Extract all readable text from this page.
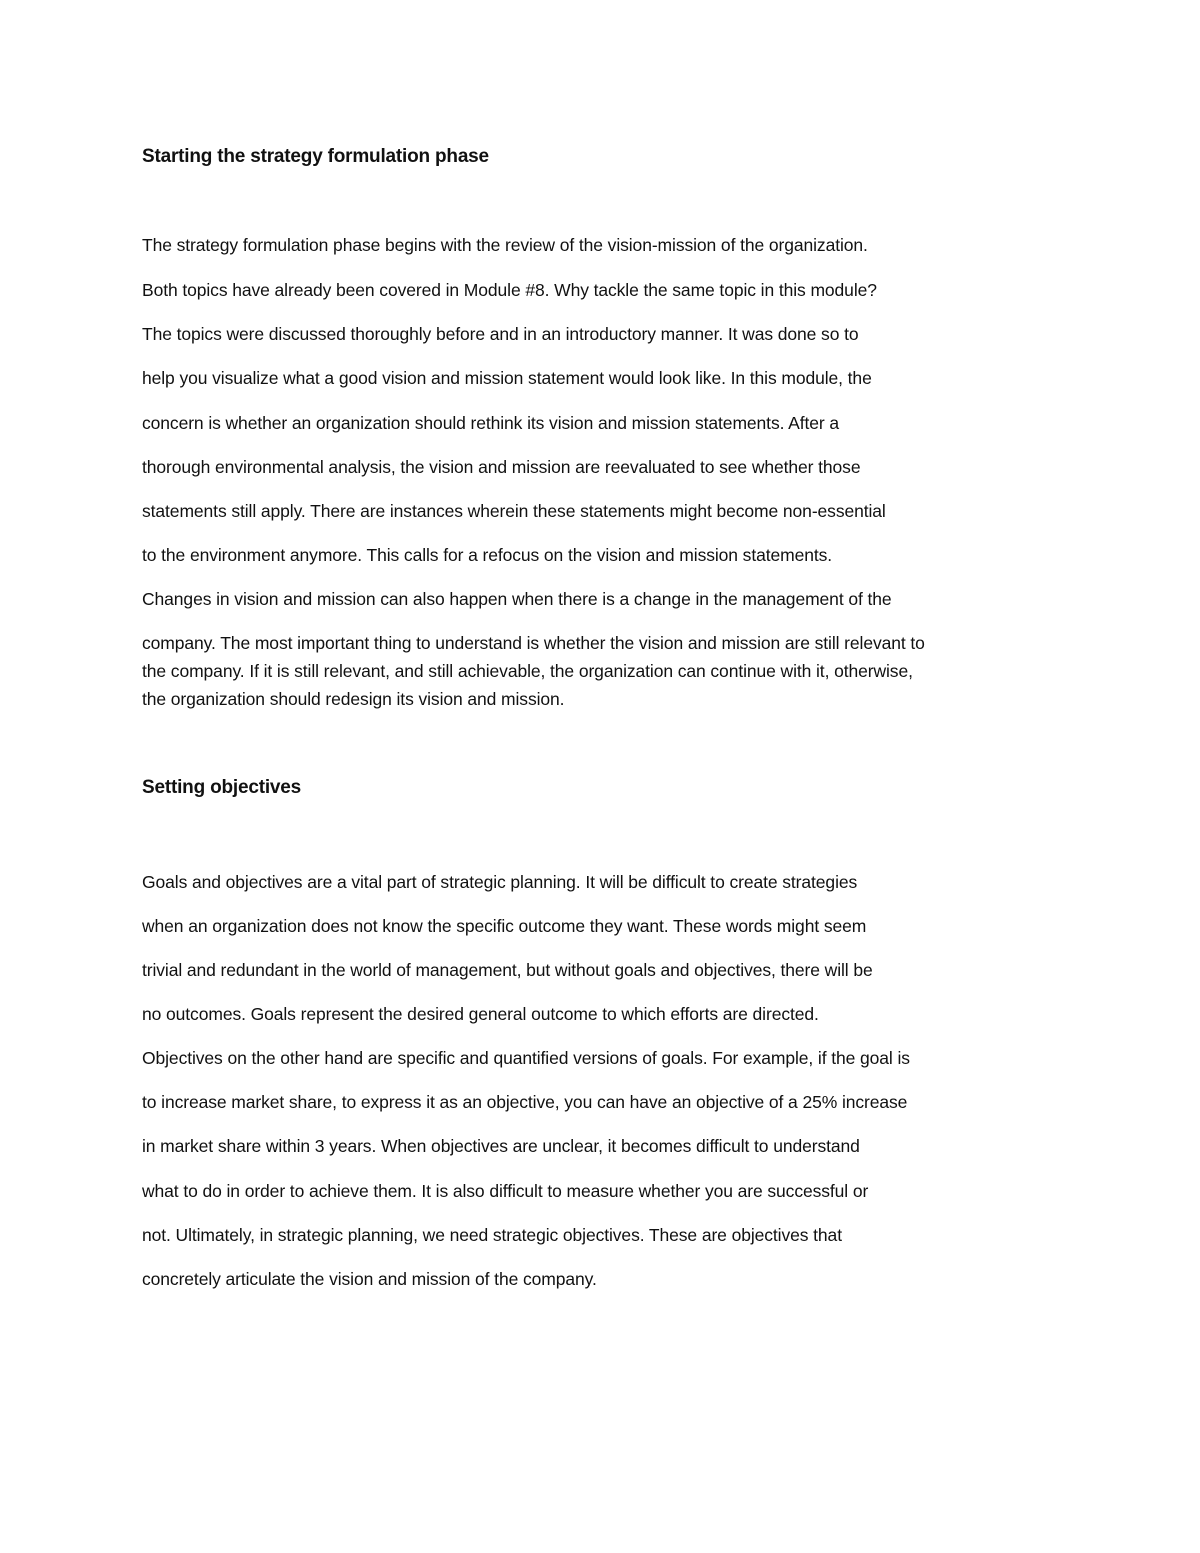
Starting the strategy formulation phase
The strategy formulation phase begins with the review of the vision-mission of the organization.
Both topics have already been covered in Module #8. Why tackle the same topic in this module?
The topics were discussed thoroughly before and in an introductory manner. It was done so to
help you visualize what a good vision and mission statement would look like. In this module, the
concern is whether an organization should rethink its vision and mission statements. After a
thorough environmental analysis, the vision and mission are reevaluated to see whether those
statements still apply. There are instances wherein these statements might become non-essential
to the environment anymore. This calls for a refocus on the vision and mission statements.
Changes in vision and mission can also happen when there is a change in the management of the
company. The most important thing to understand is whether the vision and mission are still relevant to
the company. If it is still relevant, and still achievable, the organization can continue with it, otherwise,
the organization should redesign its vision and mission.
Setting objectives
Goals and objectives are a vital part of strategic planning. It will be difficult to create strategies
when an organization does not know the specific outcome they want. These words might seem
trivial and redundant in the world of management, but without goals and objectives, there will be
no outcomes. Goals represent the desired general outcome to which efforts are directed.
Objectives on the other hand are specific and quantified versions of goals. For example, if the goal is
to increase market share, to express it as an objective, you can have an objective of a 25% increase
in market share within 3 years. When objectives are unclear, it becomes difficult to understand
what to do in order to achieve them. It is also difficult to measure whether you are successful or
not. Ultimately, in strategic planning, we need strategic objectives. These are objectives that
concretely articulate the vision and mission of the company.
